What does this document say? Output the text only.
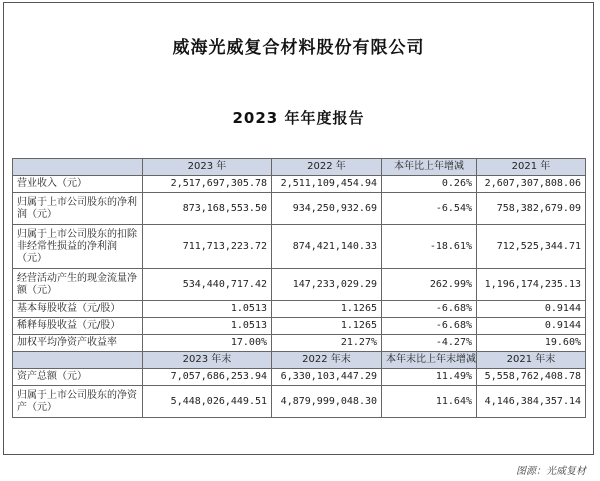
威海光威复合材料股份有限公司
2023 年年度报告
	2023 年	2022 年	本年比上年增减	2021 年
营业收入（元）	2,517,697,305.78	2,511,109,454.94	0.26%	2,607,307,808.06
归属于上市公司股东的净利润（元）	873,168,553.50	934,250,932.69	-6.54%	758,382,679.09
归属于上市公司股东的扣除非经常性损益的净利润（元）	711,713,223.72	874,421,140.33	-18.61%	712,525,344.71
经营活动产生的现金流量净额（元）	534,440,717.42	147,233,029.29	262.99%	1,196,174,235.13
基本每股收益（元/股）	1.0513	1.1265	-6.68%	0.9144
稀释每股收益（元/股）	1.0513	1.1265	-6.68%	0.9144
加权平均净资产收益率	17.00%	21.27%	-4.27%	19.60%
	2023 年末	2022 年末	本年末比上年末增减	2021 年末
资产总额（元）	7,057,686,253.94	6,330,103,447.29	11.49%	5,558,762,408.78
归属于上市公司股东的净资产（元）	5,448,026,449.51	4,879,999,048.30	11.64%	4,146,384,357.14
图源：光威复材
